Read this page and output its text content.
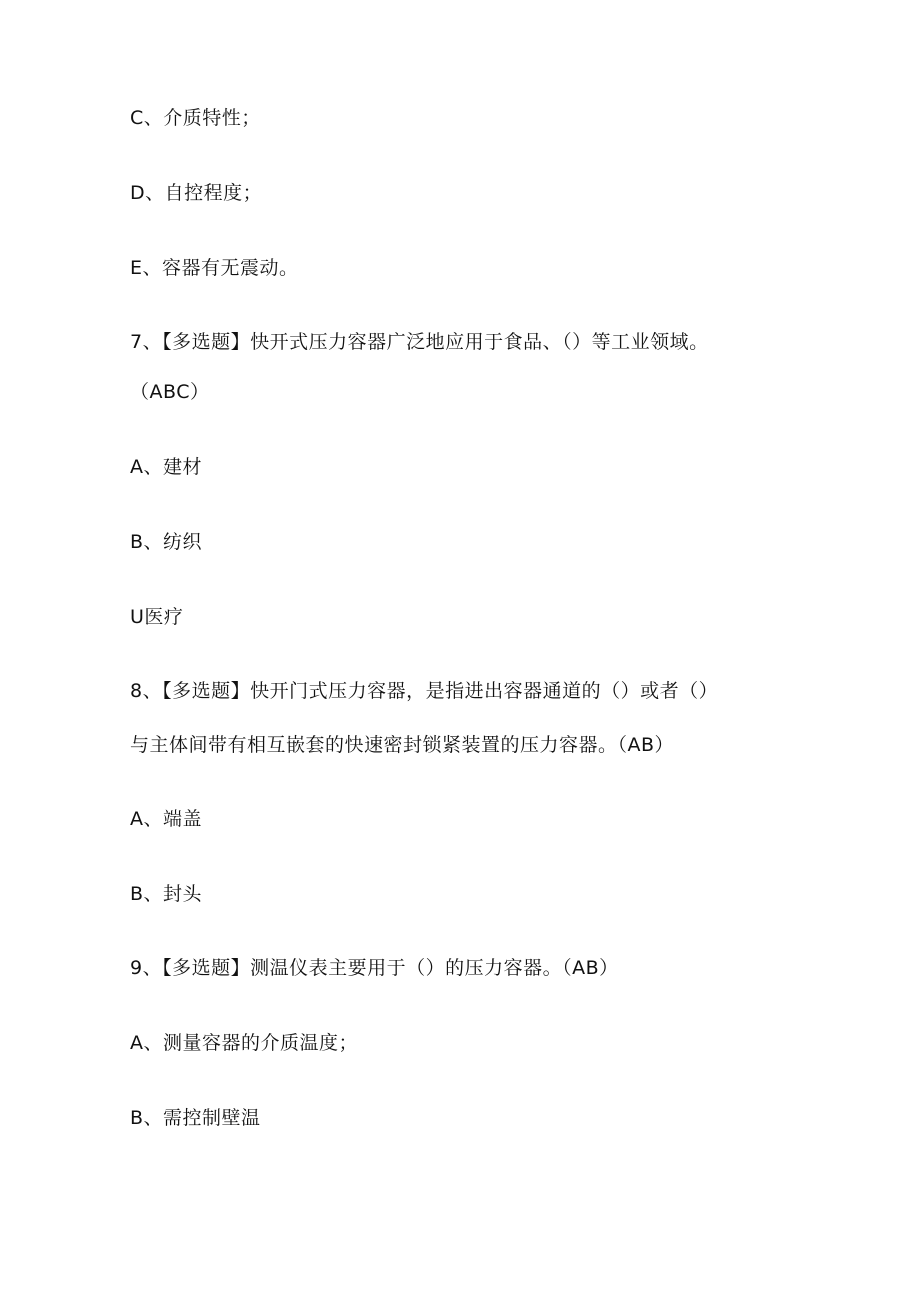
C、介质特性；
D、自控程度；
E、容器有无震动。
7、【多选题】快开式压力容器广泛地应用于食品、（）等工业领域。
（ABC）
A、建材
B、纺织
U医疗
8、【多选题】快开门式压力容器，是指进出容器通道的（）或者（）
与主体间带有相互嵌套的快速密封锁紧装置的压力容器。（AB）
A、端盖
B、封头
9、【多选题】测温仪表主要用于（）的压力容器。（AB）
A、测量容器的介质温度；
B、需控制壁温
